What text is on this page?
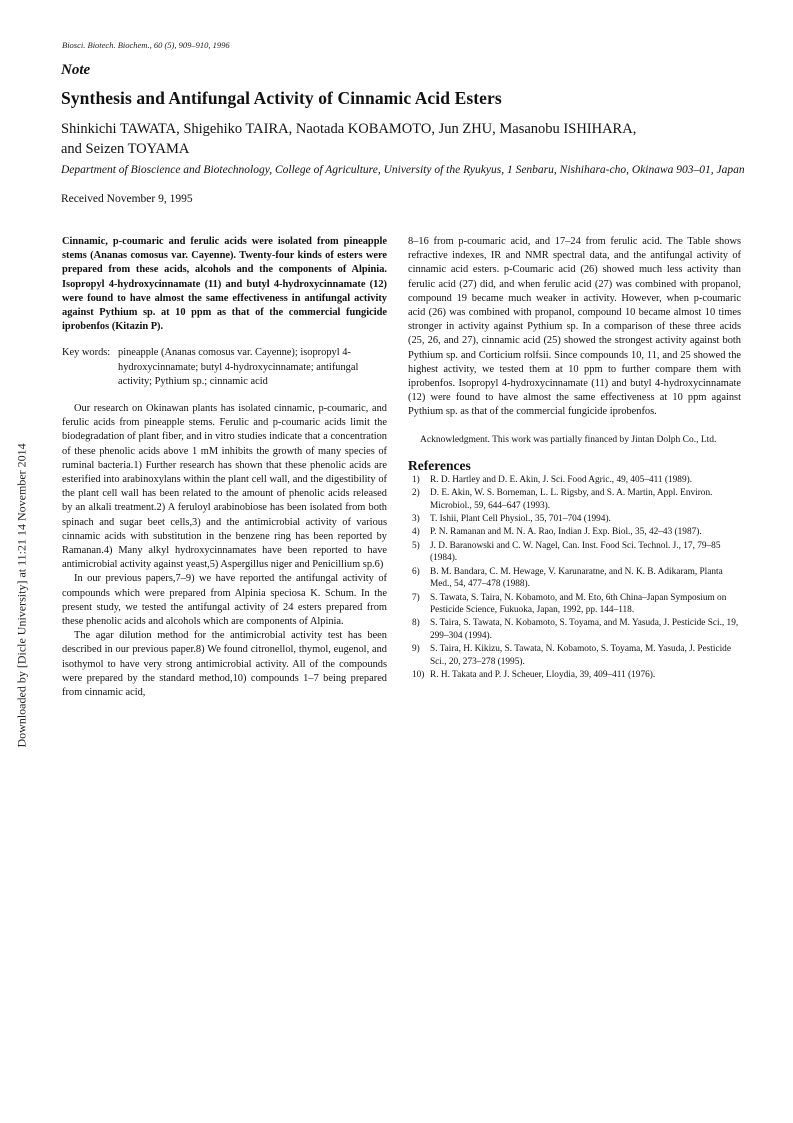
Biosci. Biotech. Biochem., 60 (5), 909–910, 1996
Note
Synthesis and Antifungal Activity of Cinnamic Acid Esters
Shinkichi TAWATA, Shigehiko TAIRA, Naotada KOBAMOTO, Jun ZHU, Masanobu ISHIHARA,
and Seizen TOYAMA
Department of Bioscience and Biotechnology, College of Agriculture, University of the Ryukyus, 1 Senbaru, Nishihara-cho, Okinawa 903–01, Japan
Received November 9, 1995
Downloaded by [Dicle University] at 11:21 14 November 2014
Cinnamic, p-coumaric and ferulic acids were isolated from pineapple stems (Ananas comosus var. Cayenne). Twenty-four kinds of esters were prepared from these acids, alcohols and the components of Alpinia. Isopropyl 4-hydroxycinnamate (11) and butyl 4-hydroxycinnamate (12) were found to have almost the same effectiveness in antifungal activity against Pythium sp. at 10 ppm as that of the commercial fungicide iprobenfos (Kitazin P).
Key words: pineapple (Ananas comosus var. Cayenne); isopropyl 4-hydroxycinnamate; butyl 4-hydroxycinnamate; antifungal activity; Pythium sp.; cinnamic acid

Our research on Okinawan plants has isolated cinnamic, p-coumaric, and ferulic acids from pineapple stems. Ferulic and p-coumaric acids limit the biodegradation of plant fiber, and in vitro studies indicate that a concentration of these phenolic acids above 1 mM inhibits the growth of many species of ruminal bacteria.1) Further research has shown that these phenolic acids are esterified into arabinoxylans within the plant cell wall, and the digestibility of the plant cell wall has been related to the amount of phenolic acids released by an alkali treatment.2) A feruloyl arabinobiose has been isolated from both spinach and sugar beet cells,3) and the antimicrobial activity of various cinnamic acids with substitution in the benzene ring has been reported by Ramanan.4) Many alkyl hydroxycinnamates have been reported to have antimicrobial activity against yeast,5) Aspergillus niger and Penicillium sp.6)

In our previous papers,7–9) we have reported the antifungal activity of compounds which were prepared from Alpinia speciosa K. Schum. In the present study, we tested the antifungal activity of 24 esters prepared from these phenolic acids and alcohols which are components of Alpinia.

The agar dilution method for the antimicrobial activity test has been described in our previous paper.8) We found citronellol, thymol, eugenol, and isothymol to have very strong antimicrobial activity. All of the compounds were prepared by the standard method,10) compounds 1–7 being prepared from cinnamic acid,

8–16 from p-coumaric acid, and 17–24 from ferulic acid. The Table shows refractive indexes, IR and NMR spectral data, and the antifungal activity of cinnamic acid esters. p-Coumaric acid (26) showed much less activity than ferulic acid (27) did, and when ferulic acid (27) was combined with propanol, compound 19 became much weaker in activity. However, when p-coumaric acid (26) was combined with propanol, compound 10 became almost 10 times stronger in activity against Pythium sp. In a comparison of these three acids (25, 26, and 27), cinnamic acid (25) showed the strongest activity against both Pythium sp. and Corticium rolfsii. Since compounds 10, 11, and 25 showed the highest activity, we tested them at 10 ppm to further compare them with iprobenfos. Isopropyl 4-hydroxycinnamate (11) and butyl 4-hydroxycinnamate (12) were found to have almost the same effectiveness at 10 ppm against Pythium sp. as that of the commercial fungicide iprobenfos.

Acknowledgment. This work was partially financed by Jintan Dolph Co., Ltd.
References
1)	R. D. Hartley and D. E. Akin, J. Sci. Food Agric., 49, 405–411 (1989).
2)	D. E. Akin, W. S. Borneman, L. L. Rigsby, and S. A. Martin, Appl. Environ. Microbiol., 59, 644–647 (1993).
3)	T. Ishii, Plant Cell Physiol., 35, 701–704 (1994).
4)	P. N. Ramanan and M. N. A. Rao, Indian J. Exp. Biol., 35, 42–43 (1987).
5)	J. D. Baranowski and C. W. Nagel, Can. Inst. Food Sci. Technol. J., 17, 79–85 (1984).
6)	B. M. Bandara, C. M. Hewage, V. Karunaratne, and N. K. B. Adikaram, Planta Med., 54, 477–478 (1988).
7)	S. Tawata, S. Taira, N. Kobamoto, and M. Eto, 6th China–Japan Symposium on Pesticide Science, Fukuoka, Japan, 1992, pp. 144–118.
8)	S. Taira, S. Tawata, N. Kobamoto, S. Toyama, and M. Yasuda, J. Pesticide Sci., 19, 299–304 (1994).
9)	S. Taira, H. Kikizu, S. Tawata, N. Kobamoto, S. Toyama, M. Yasuda, J. Pesticide Sci., 20, 273–278 (1995).
10) R. H. Takata and P. J. Scheuer, Lloydia, 39, 409–411 (1976).
